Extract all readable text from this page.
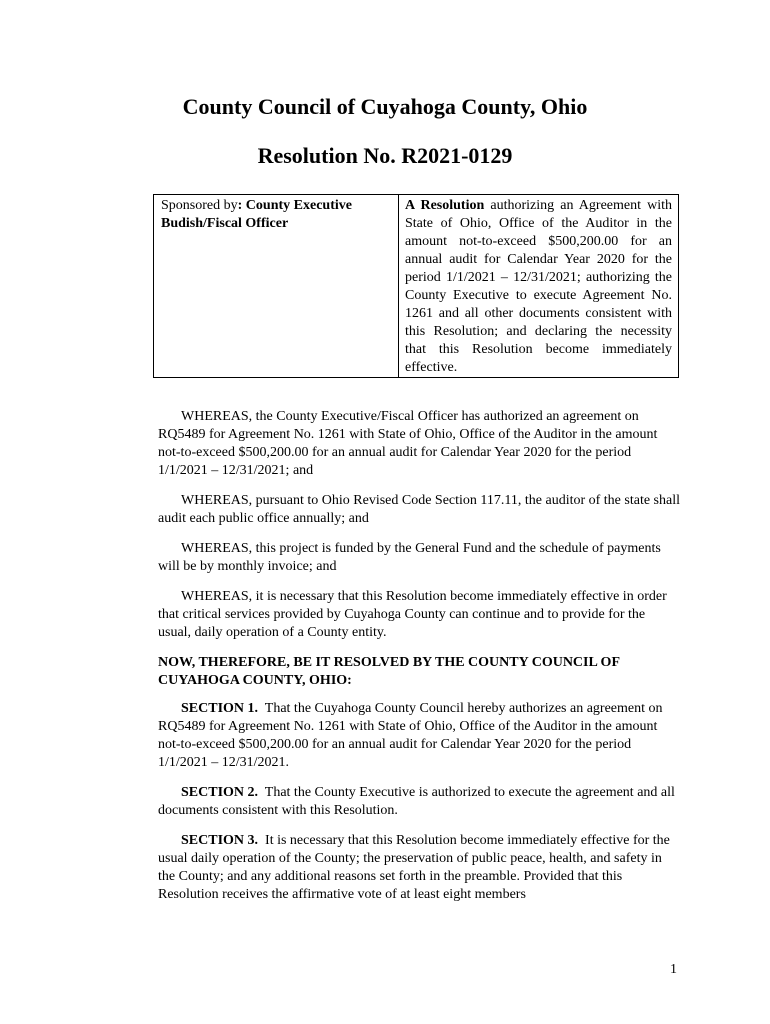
County Council of Cuyahoga County, Ohio
Resolution No. R2021-0129
Sponsored by: County Executive Budish/Fiscal Officer	A Resolution authorizing an Agreement with State of Ohio, Office of the Auditor in the amount not-to-exceed $500,200.00 for an annual audit for Calendar Year 2020 for the period 1/1/2021 – 12/31/2021; authorizing the County Executive to execute Agreement No. 1261 and all other documents consistent with this Resolution; and declaring the necessity that this Resolution become immediately effective.

WHEREAS, the County Executive/Fiscal Officer has authorized an agreement on RQ5489 for Agreement No. 1261 with State of Ohio, Office of the Auditor in the amount not-to-exceed $500,200.00 for an annual audit for Calendar Year 2020 for the period 1/1/2021 – 12/31/2021; and

WHEREAS, pursuant to Ohio Revised Code Section 117.11, the auditor of the state shall audit each public office annually; and

WHEREAS, this project is funded by the General Fund and the schedule of payments will be by monthly invoice; and

WHEREAS, it is necessary that this Resolution become immediately effective in order that critical services provided by Cuyahoga County can continue and to provide for the usual, daily operation of a County entity.

NOW, THEREFORE, BE IT RESOLVED BY THE COUNTY COUNCIL OF CUYAHOGA COUNTY, OHIO:

SECTION 1. That the Cuyahoga County Council hereby authorizes an agreement on RQ5489 for Agreement No. 1261 with State of Ohio, Office of the Auditor in the amount not-to-exceed $500,200.00 for an annual audit for Calendar Year 2020 for the period 1/1/2021 – 12/31/2021.

SECTION 2. That the County Executive is authorized to execute the agreement and all documents consistent with this Resolution.

SECTION 3. It is necessary that this Resolution become immediately effective for the usual daily operation of the County; the preservation of public peace, health, and safety in the County; and any additional reasons set forth in the preamble. Provided that this Resolution receives the affirmative vote of at least eight members

1
